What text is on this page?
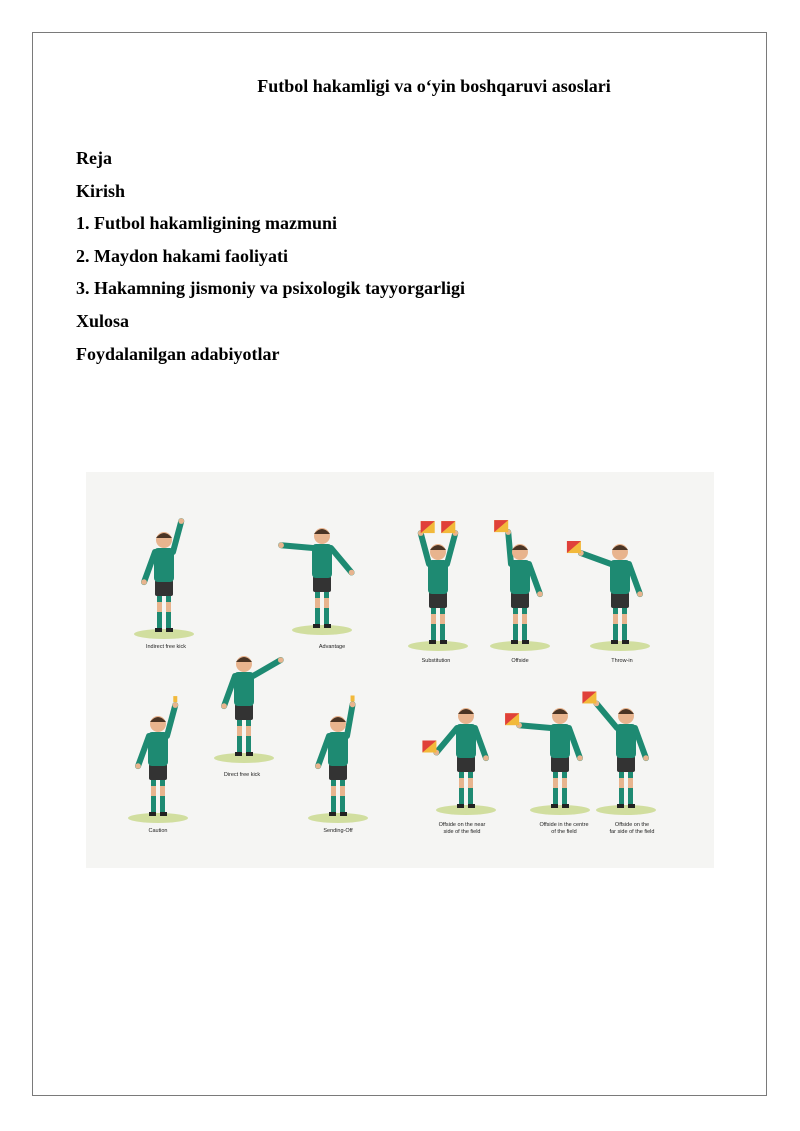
Futbol hakamligi va o‘yin boshqaruvi asoslari
Reja
Kirish
1. Futbol hakamligining mazmuni
2. Maydon hakami faoliyati
3. Hakamning jismoniy va psixologik tayyorgarligi
Xulosa
Foydalanilgan adabiyotlar
Indirect free kick	Advantage
Substitution	Offside	Throw-in
Direct free kick
Caution	Sending-Off
Offside on the near
side of the field
Offside in the centre
of the field
Offside on the
far side of the field
